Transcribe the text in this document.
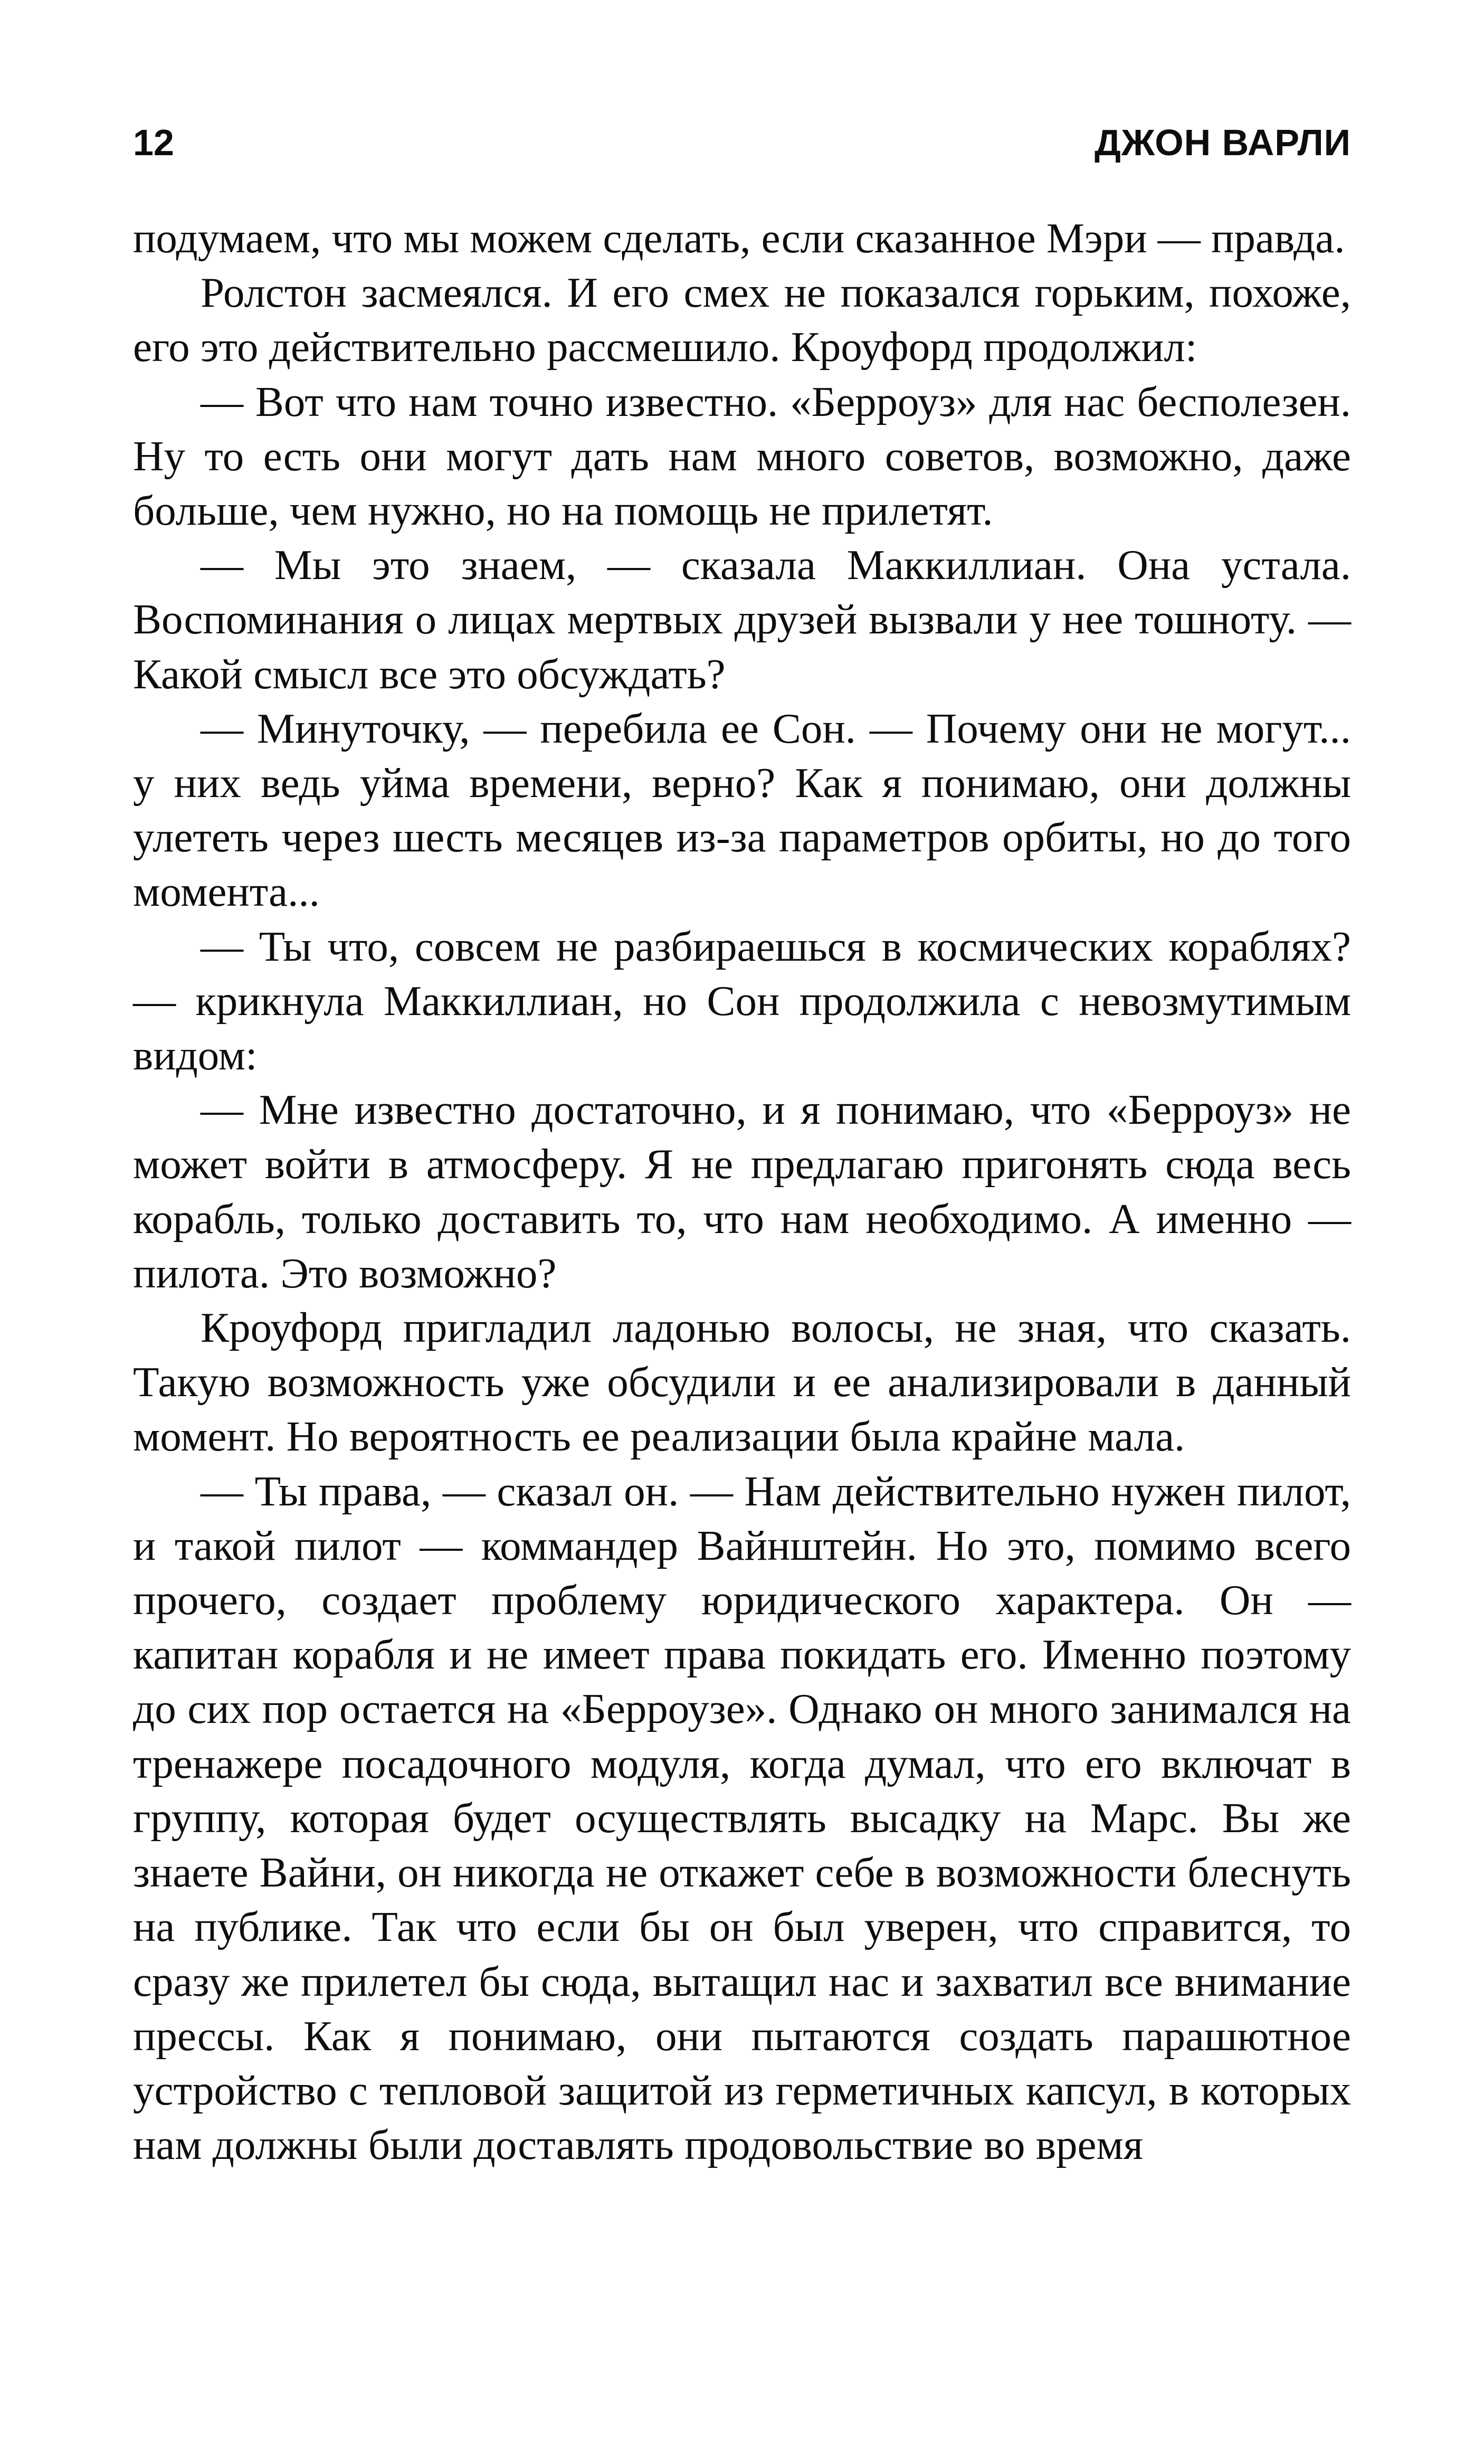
12	ДЖОН ВАРЛИ

подумаем, что мы можем сделать, если сказанное Мэри — правда.

Ролстон засмеялся. И его смех не показался горьким, похоже, его это действительно рассмешило. Кроуфорд продолжил:

— Вот что нам точно известно. «Берроуз» для нас бесполезен. Ну то есть они могут дать нам много советов, возможно, даже больше, чем нужно, но на помощь не прилетят.

— Мы это знаем, — сказала Маккиллиан. Она устала. Воспоминания о лицах мертвых друзей вызвали у нее тошноту. — Какой смысл все это обсуждать?

— Минуточку, — перебила ее Сон. — Почему они не могут... у них ведь уйма времени, верно? Как я понимаю, они должны улететь через шесть месяцев из-за параметров орбиты, но до того момента...

— Ты что, совсем не разбираешься в космических кораблях? — крикнула Маккиллиан, но Сон продолжила с невозмутимым видом:

— Мне известно достаточно, и я понимаю, что «Берроуз» не может войти в атмосферу. Я не предлагаю пригонять сюда весь корабль, только доставить то, что нам необходимо. А именно — пилота. Это возможно?

Кроуфорд пригладил ладонью волосы, не зная, что сказать. Такую возможность уже обсудили и ее анализировали в данный момент. Но вероятность ее реализации была крайне мала.

— Ты права, — сказал он. — Нам действительно нужен пилот, и такой пилот — коммандер Вайнштейн. Но это, помимо всего прочего, создает проблему юридического характера. Он — капитан корабля и не имеет права покидать его. Именно поэтому до сих пор остается на «Берроузе». Однако он много занимался на тренажере посадочного модуля, когда думал, что его включат в группу, которая будет осуществлять высадку на Марс. Вы же знаете Вайни, он никогда не откажет себе в возможности блеснуть на публике. Так что если бы он был уверен, что справится, то сразу же прилетел бы сюда, вытащил нас и захватил все внимание прессы. Как я понимаю, они пытаются создать парашютное устройство с тепловой защитой из герметичных капсул, в которых нам должны были доставлять продовольствие во время
